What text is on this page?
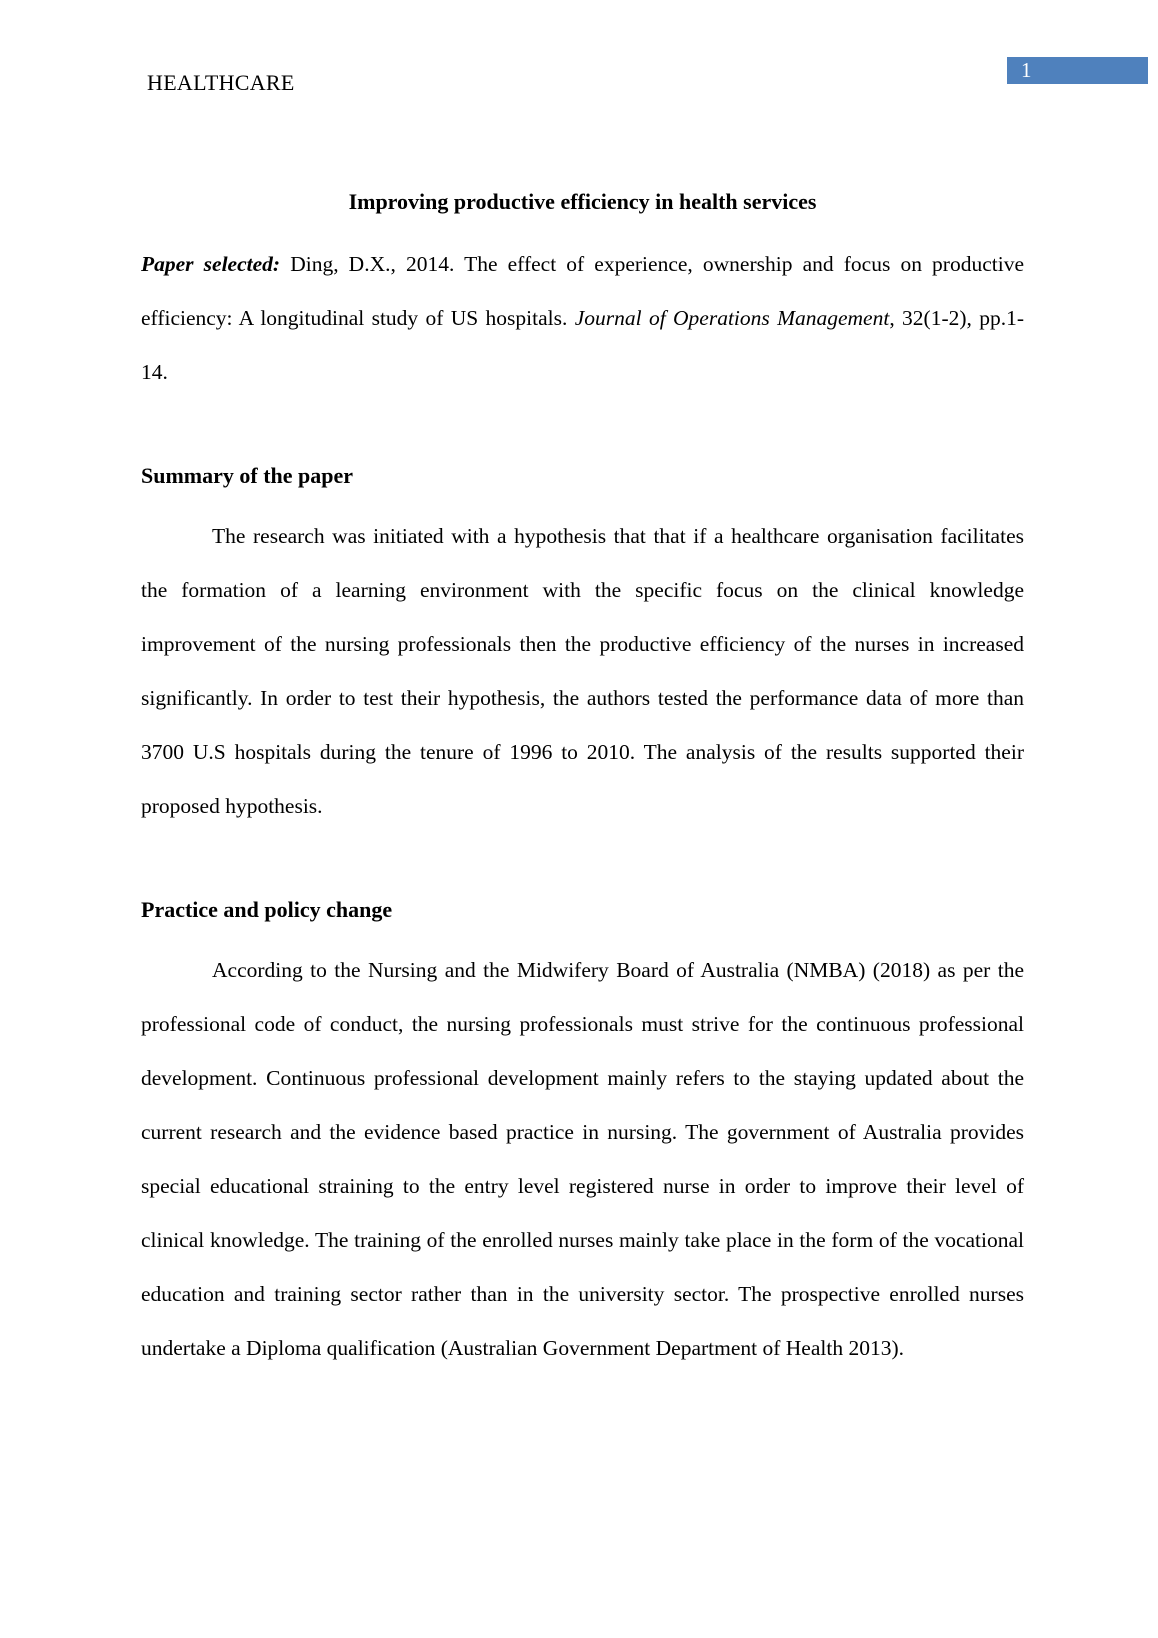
HEALTHCARE	1
Improving productive efficiency in health services

Paper selected: Ding, D.X., 2014. The effect of experience, ownership and focus on productive efficiency: A longitudinal study of US hospitals. Journal of Operations Management, 32(1-2), pp.1-14.

Summary of the paper

The research was initiated with a hypothesis that that if a healthcare organisation facilitates the formation of a learning environment with the specific focus on the clinical knowledge improvement of the nursing professionals then the productive efficiency of the nurses in increased significantly. In order to test their hypothesis, the authors tested the performance data of more than 3700 U.S hospitals during the tenure of 1996 to 2010. The analysis of the results supported their proposed hypothesis.

Practice and policy change

According to the Nursing and the Midwifery Board of Australia (NMBA) (2018) as per the professional code of conduct, the nursing professionals must strive for the continuous professional development. Continuous professional development mainly refers to the staying updated about the current research and the evidence based practice in nursing. The government of Australia provides special educational straining to the entry level registered nurse in order to improve their level of clinical knowledge. The training of the enrolled nurses mainly take place in the form of the vocational education and training sector rather than in the university sector. The prospective enrolled nurses undertake a Diploma qualification (Australian Government Department of Health 2013).
